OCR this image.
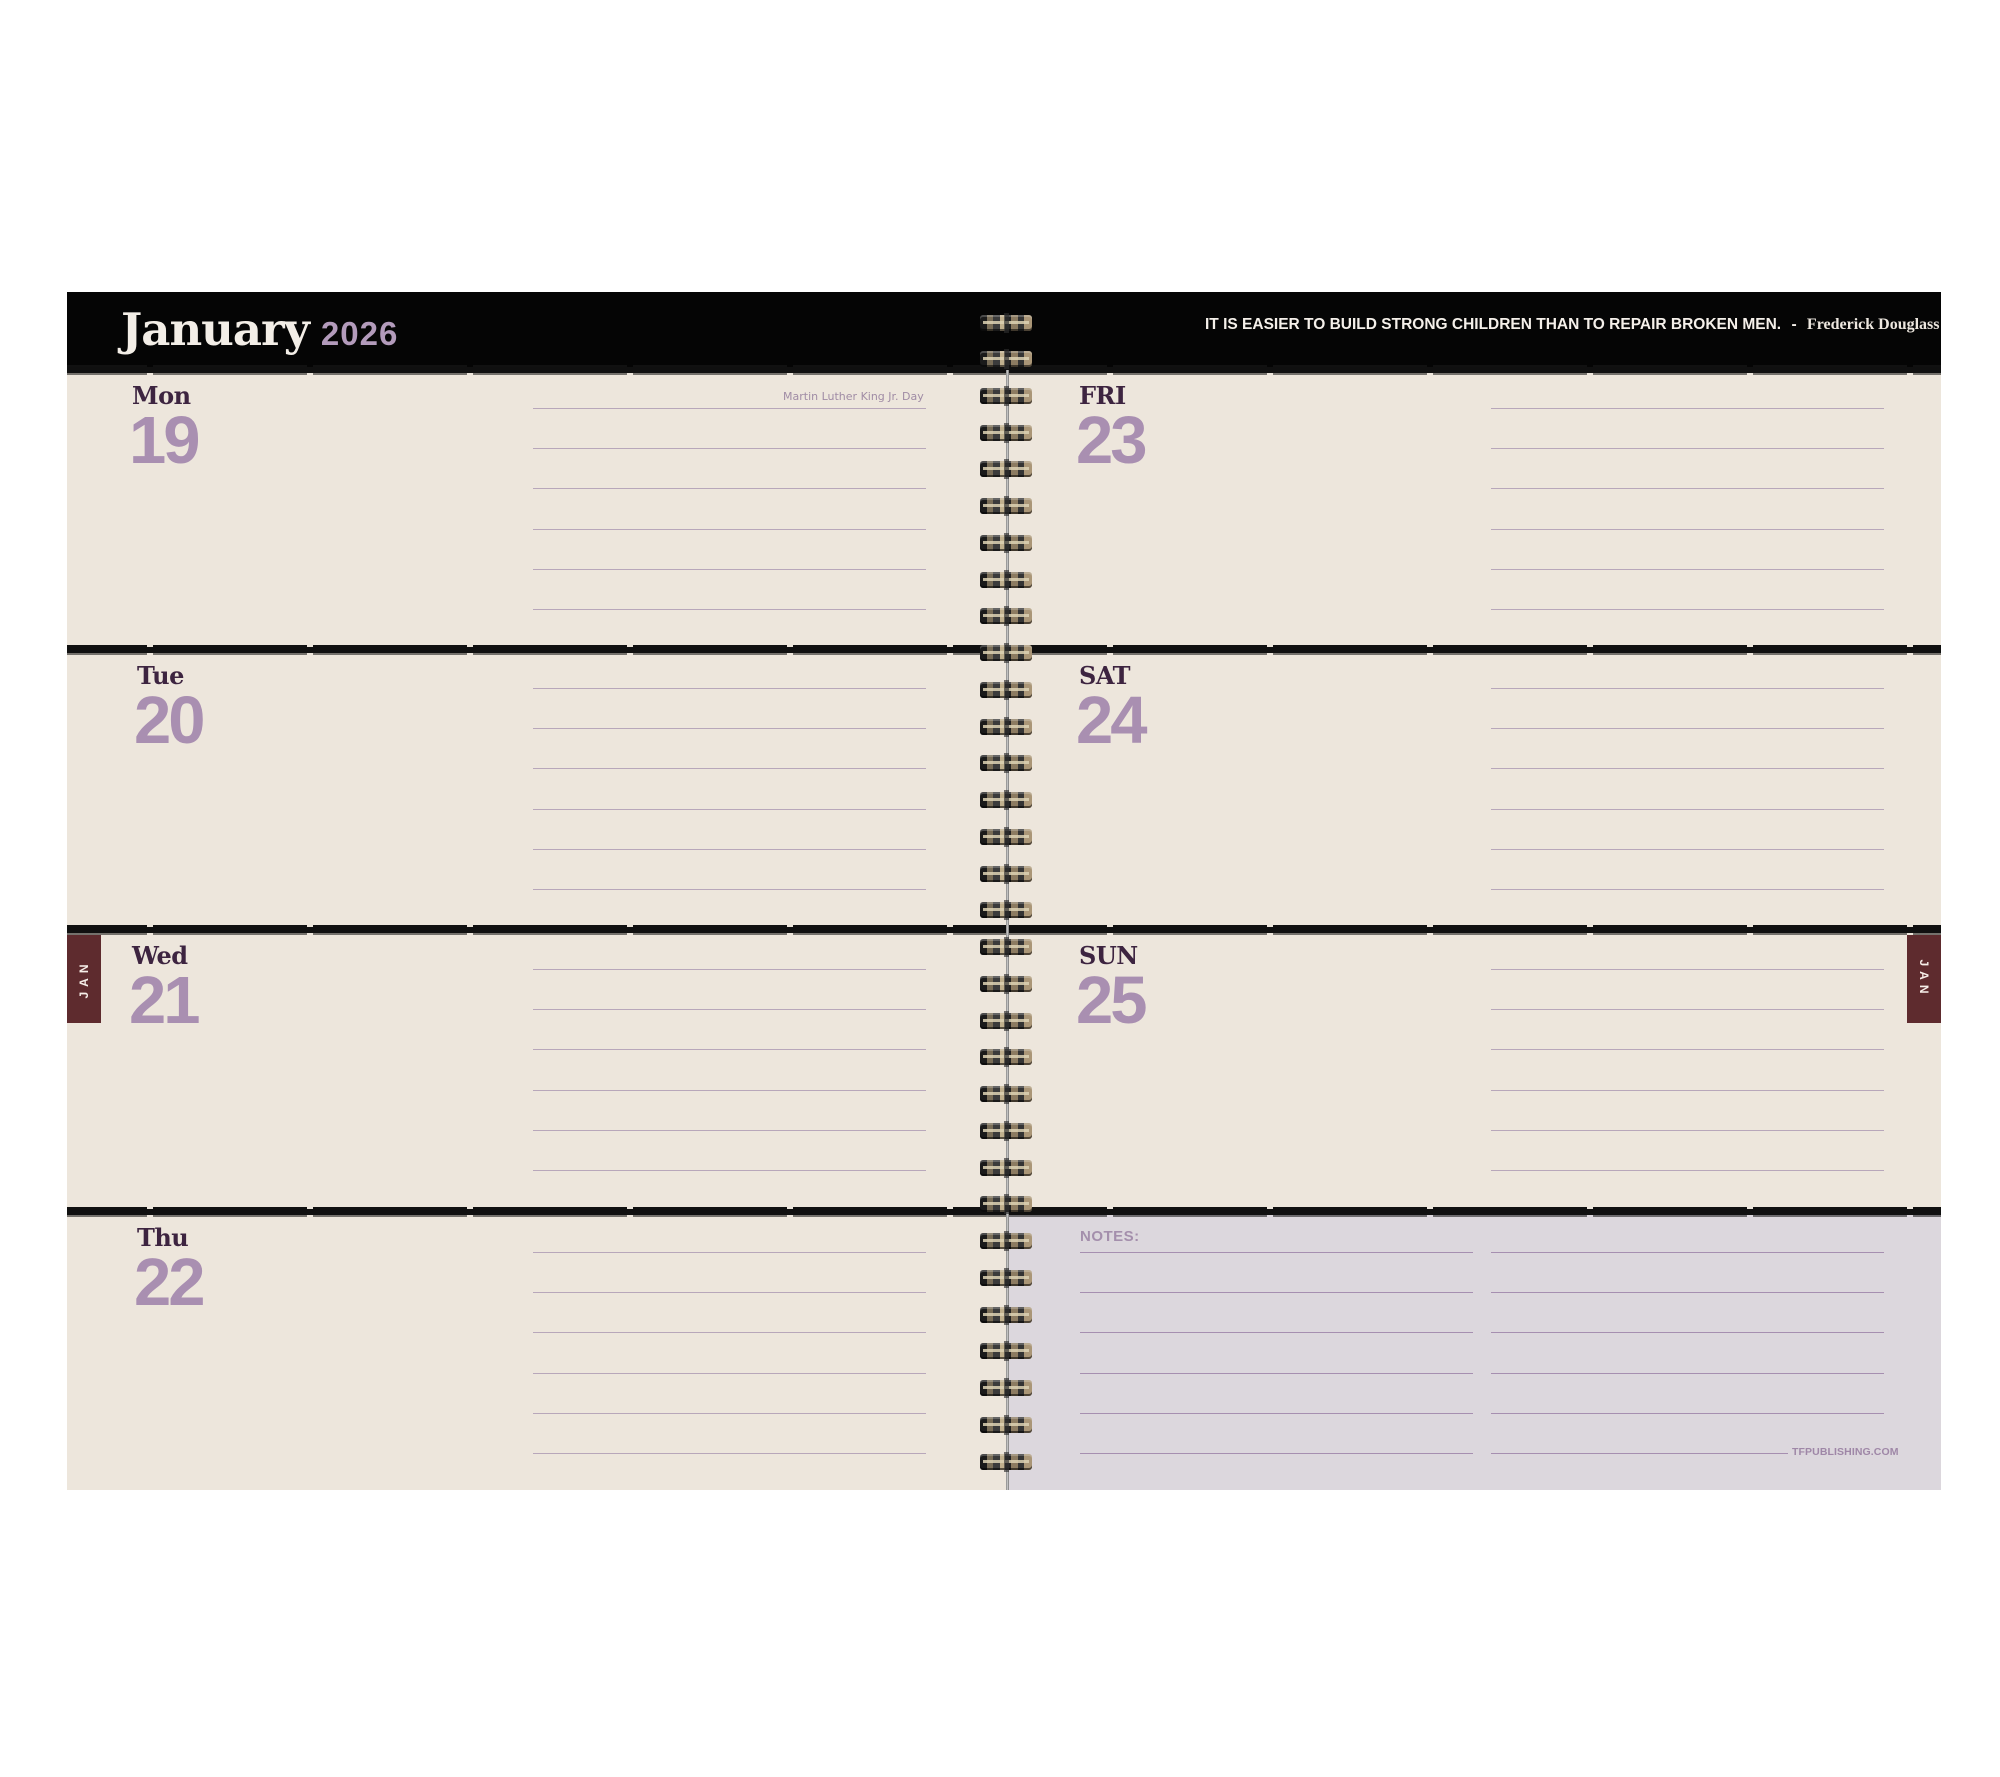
January 2026	IT IS EASIER TO BUILD STRONG CHILDREN THAN TO REPAIR BROKEN MEN. - Frederick Douglass
Mon
19
Martin Luther King Jr. Day
Tue
20
Wed
21
Thu
22
FRI
23
SAT
24
SUN
25
NOTES:
TFPUBLISHING.COM
JAN	JAN
